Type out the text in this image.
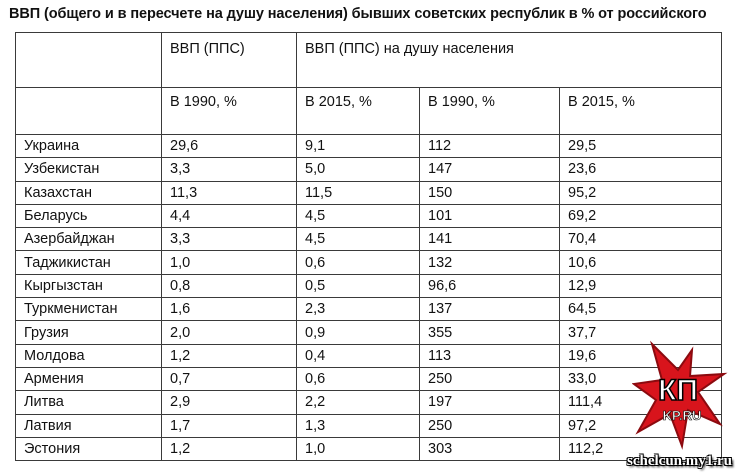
ВВП (общего и в пересчете на душу населения) бывших советских республик в % от российского
	ВВП (ППС)	ВВП (ППС) на душу населения		
	В 1990, %	В 2015, %	В 1990, %	В 2015, %
Украина	29,6	9,1	112	29,5
Узбекистан	3,3	5,0	147	23,6
Казахстан	11,3	11,5	150	95,2
Беларусь	4,4	4,5	101	69,2
Азербайджан	3,3	4,5	141	70,4
Таджикистан	1,0	0,6	132	10,6
Кыргызстан	0,8	0,5	96,6	12,9
Туркменистан	1,6	2,3	137	64,5
Грузия	2,0	0,9	355	37,7
Молдова	1,2	0,4	113	19,6
Армения	0,7	0,6	250	33,0
Литва	2,9	2,2	197	111,4
Латвия	1,7	1,3	250	97,2
Эстония	1,2	1,0	303	112,2
КП
KP.RU
schelcun.my1.ru
